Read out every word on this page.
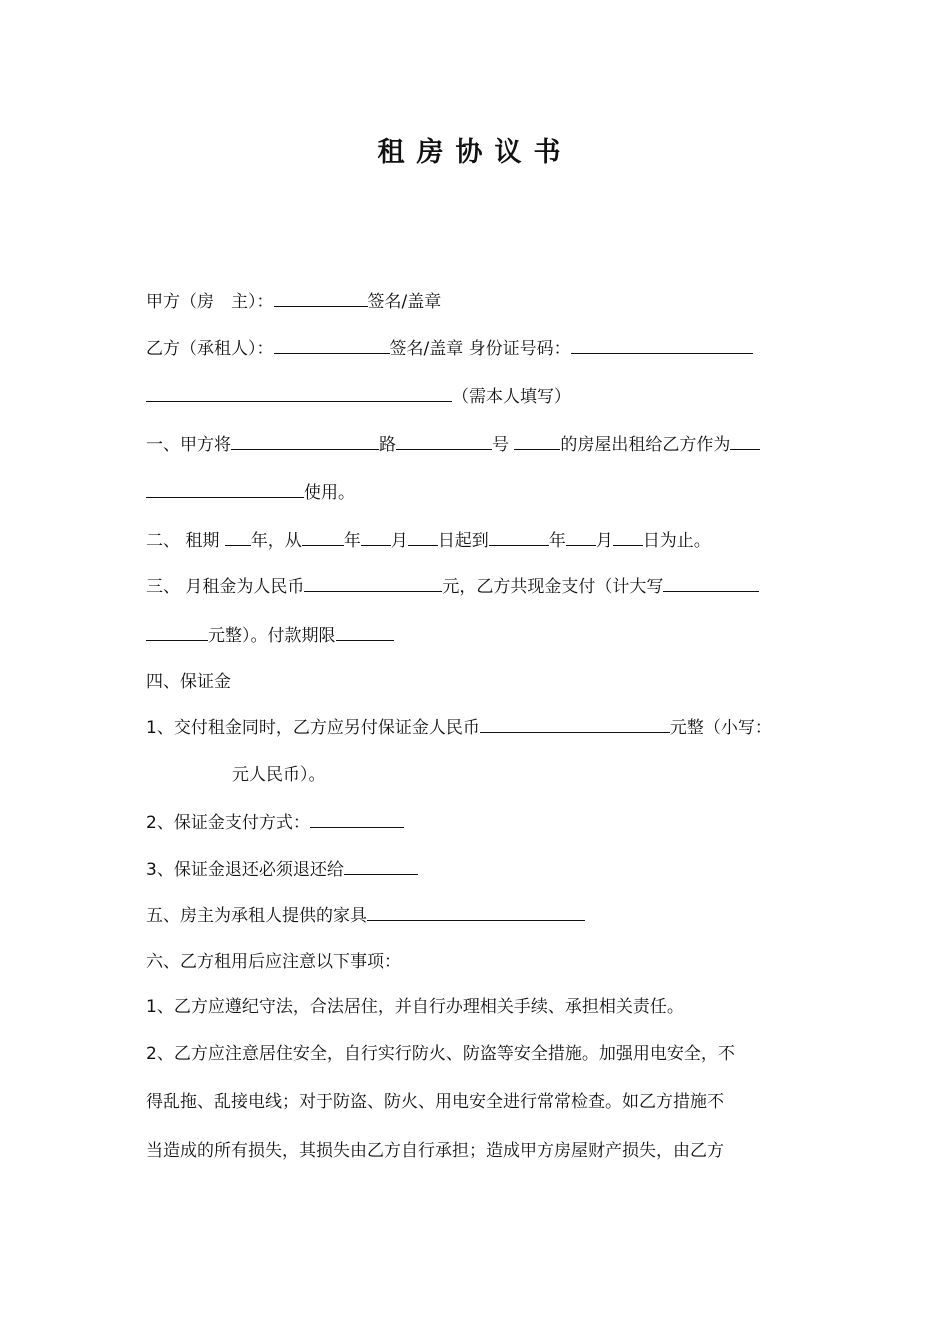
租房协议书
甲方（房　主）：	签名/盖章
乙方（承租人）：	签名/盖章 身份证号码：
（需本人填写）
一、甲方将	路	号	的房屋出租给乙方作为
使用。
二、 租期 年，从 年 月 日起到	年 月 日为止。
三、 月租金为人民币	元，乙方共现金支付（计大写
元整）。付款期限
四、保证金
1、交付租金同时，乙方应另付保证金人民币	元整（小写：
元人民币）。
2、保证金支付方式：
3、保证金退还必须退还给
五、房主为承租人提供的家具
六、乙方租用后应注意以下事项：
1、乙方应遵纪守法，合法居住，并自行办理相关手续、承担相关责任。
2、乙方应注意居住安全，自行实行防火、防盗等安全措施。加强用电安全，不
得乱拖、乱接电线；对于防盗、防火、用电安全进行常常检查。如乙方措施不
当造成的所有损失，其损失由乙方自行承担；造成甲方房屋财产损失，由乙方
